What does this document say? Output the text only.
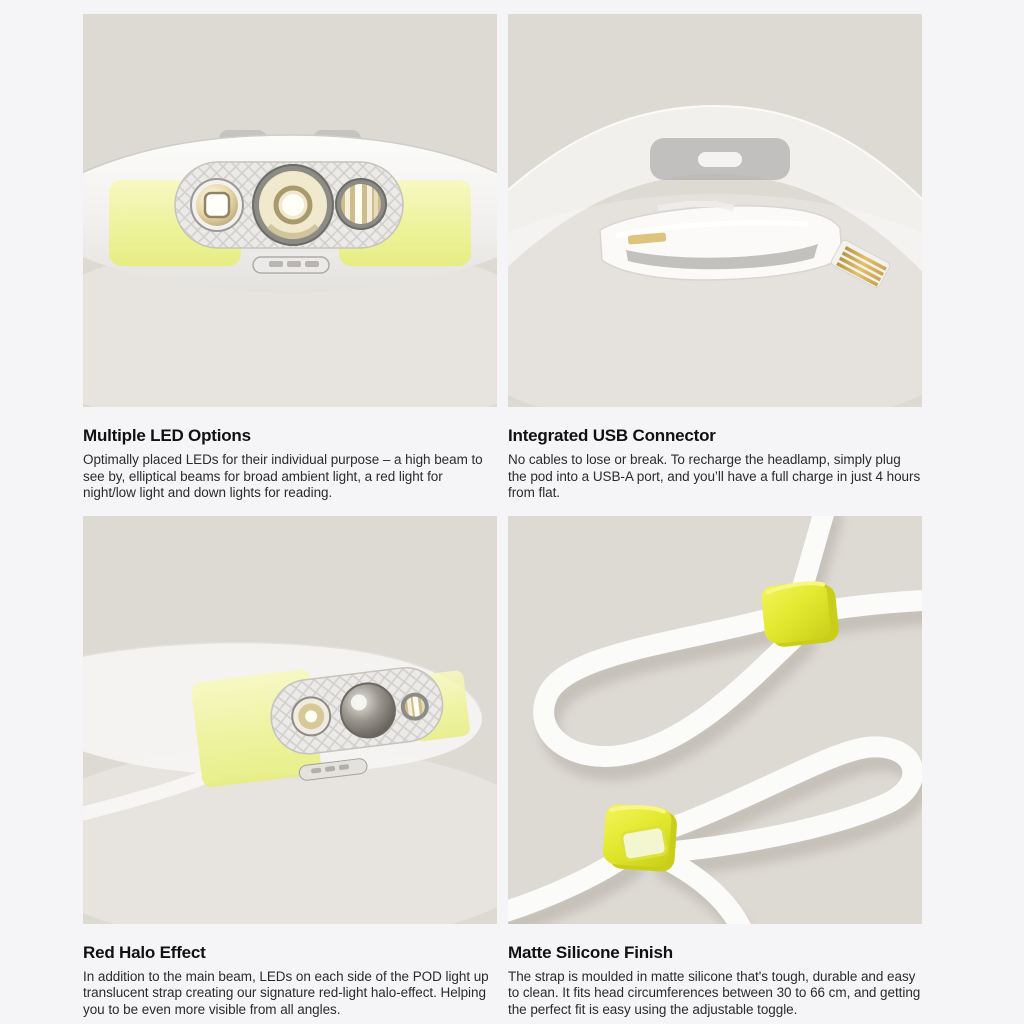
Multiple LED Options

Optimally placed LEDs for their individual purpose – a high beam to see by, elliptical beams for broad ambient light, a red light for night/low light and down lights for reading.

Integrated USB Connector

No cables to lose or break. To recharge the headlamp, simply plug the pod into a USB-A port, and you’ll have a full charge in just 4 hours from flat.

Red Halo Effect

In addition to the main beam, LEDs on each side of the POD light up translucent strap creating our signature red-light halo-effect. Helping you to be even more visible from all angles.

Matte Silicone Finish

The strap is moulded in matte silicone that's tough, durable and easy to clean. It fits head circumferences between 30 to 66 cm, and getting the perfect fit is easy using the adjustable toggle.
